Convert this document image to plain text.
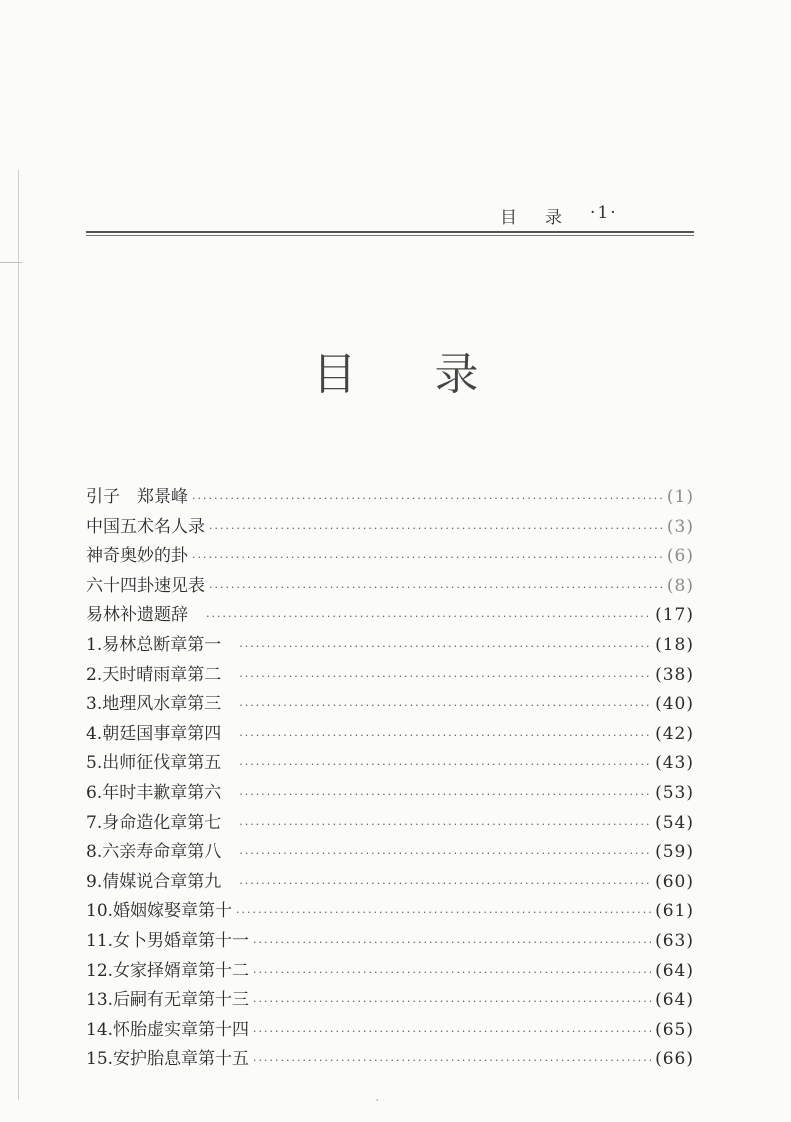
目录 ·1·
目录
引子　郑景峰 ·····	(1)
中国五术名人录 ·····	(3)
神奇奥妙的卦 ·····	(6)
六十四卦速见表 ·····	(8)
易林补遗题辞 ·····	(17)
1. 易林总断章第一 ·····	(18)
2. 天时晴雨章第二 ·····	(38)
3. 地理风水章第三 ·····	(40)
4. 朝廷国事章第四 ·····	(42)
5. 出师征伐章第五 ·····	(43)
6. 年时丰歉章第六 ·····	(53)
7. 身命造化章第七 ·····	(54)
8. 六亲寿命章第八 ·····	(59)
9. 倩媒说合章第九 ·····	(60)
10. 婚姻嫁娶章第十 ·····	(61)
11. 女卜男婚章第十一 ·····	(63)
12. 女家择婿章第十二 ·····	(64)
13. 后嗣有无章第十三 ·····	(64)
14. 怀胎虚实章第十四 ·····	(65)
15. 安护胎息章第十五 ·····	(66)
,
